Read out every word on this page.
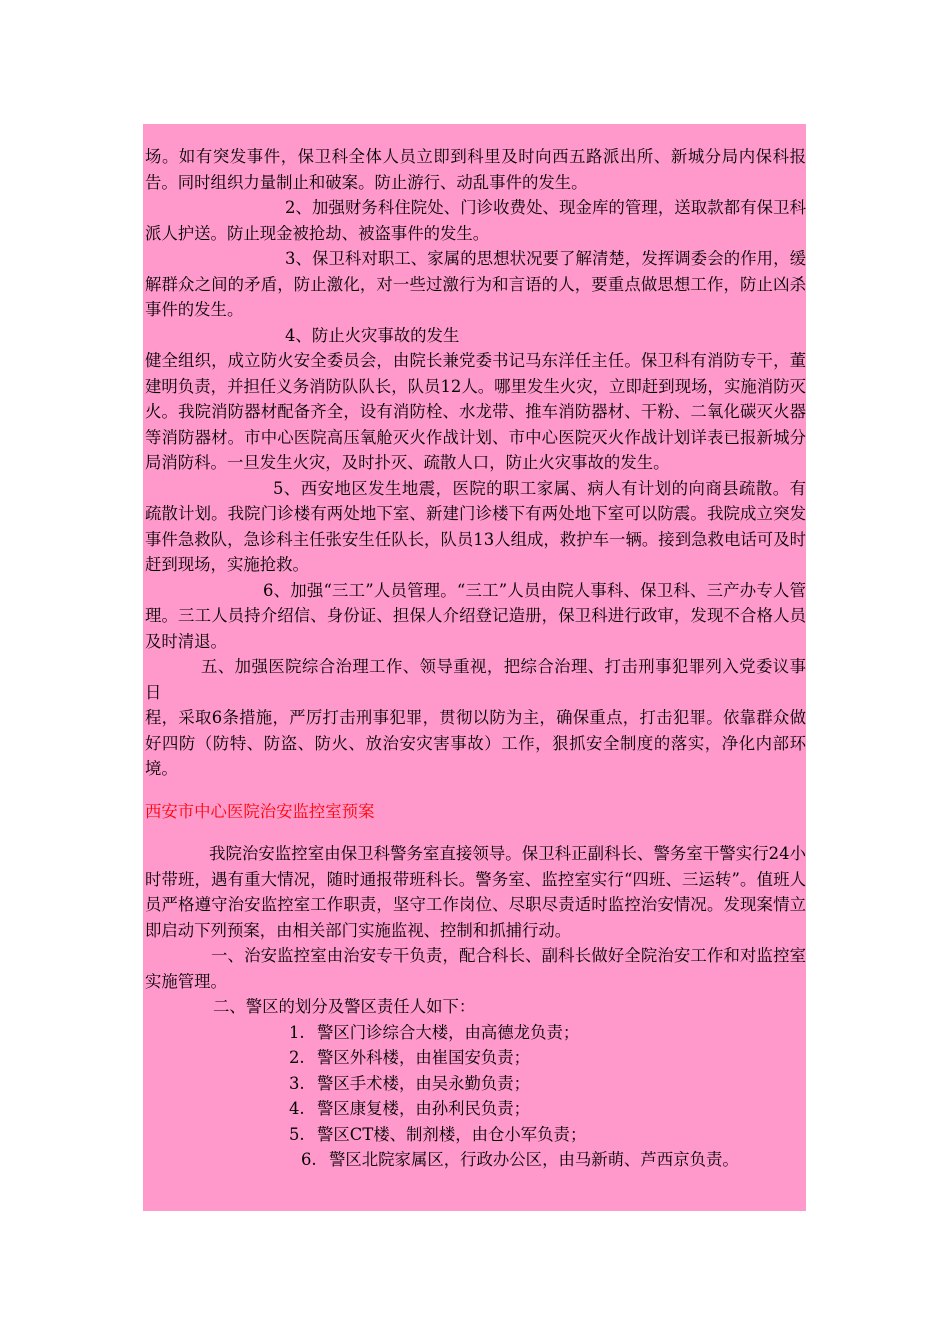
场。如有突发事件，保卫科全体人员立即到科里及时向西五路派出所、新城分局内保科报告。同时组织力量制止和破案。防止游行、动乱事件的发生。

2、加强财务科住院处、门诊收费处、现金库的管理，送取款都有保卫科派人护送。防止现金被抢劫、被盗事件的发生。

3、保卫科对职工、家属的思想状况要了解清楚，发挥调委会的作用，缓解群众之间的矛盾，防止激化，对一些过激行为和言语的人，要重点做思想工作，防止凶杀事件的发生。

4、防止火灾事故的发生

健全组织，成立防火安全委员会，由院长兼党委书记马东洋任主任。保卫科有消防专干，董建明负责，并担任义务消防队队长，队员12人。哪里发生火灾，立即赶到现场，实施消防灭火。我院消防器材配备齐全，设有消防栓、水龙带、推车消防器材、干粉、二氧化碳灭火器等消防器材。市中心医院高压氧舱灭火作战计划、市中心医院灭火作战计划详表已报新城分局消防科。一旦发生火灾，及时扑灭、疏散人口，防止火灾事故的发生。

5、西安地区发生地震，医院的职工家属、病人有计划的向商县疏散。有疏散计划。我院门诊楼有两处地下室、新建门诊楼下有两处地下室可以防震。我院成立突发事件急救队，急诊科主任张安生任队长，队员13人组成，救护车一辆。接到急救电话可及时赶到现场，实施抢救。

6、加强“三工”人员管理。“三工”人员由院人事科、保卫科、三产办专人管理。三工人员持介绍信、身份证、担保人介绍登记造册，保卫科进行政审，发现不合格人员及时清退。

五、加强医院综合治理工作、领导重视，把综合治理、打击刑事犯罪列入党委议事日

程，采取6条措施，严厉打击刑事犯罪，贯彻以防为主，确保重点，打击犯罪。依靠群众做好四防（防特、防盗、防火、放治安灾害事故）工作，狠抓安全制度的落实，净化内部环境。

西安市中心医院治安监控室预案

我院治安监控室由保卫科警务室直接领导。保卫科正副科长、警务室干警实行24小时带班，遇有重大情况，随时通报带班科长。警务室、监控室实行“四班、三运转”。值班人员严格遵守治安监控室工作职责，坚守工作岗位、尽职尽责适时监控治安情况。发现案情立即启动下列预案，由相关部门实施监视、控制和抓捕行动。

一、治安监控室由治安专干负责，配合科长、副科长做好全院治安工作和对监控室实施管理。

二、警区的划分及警区责任人如下：

1. 警区门诊综合大楼，由高德龙负责；
2. 警区外科楼，由崔国安负责；
3. 警区手术楼，由吴永勤负责；
4. 警区康复楼，由孙利民负责；
5. 警区CT楼、制剂楼，由仓小军负责；
6. 警区北院家属区，行政办公区，由马新萌、芦西京负责。
